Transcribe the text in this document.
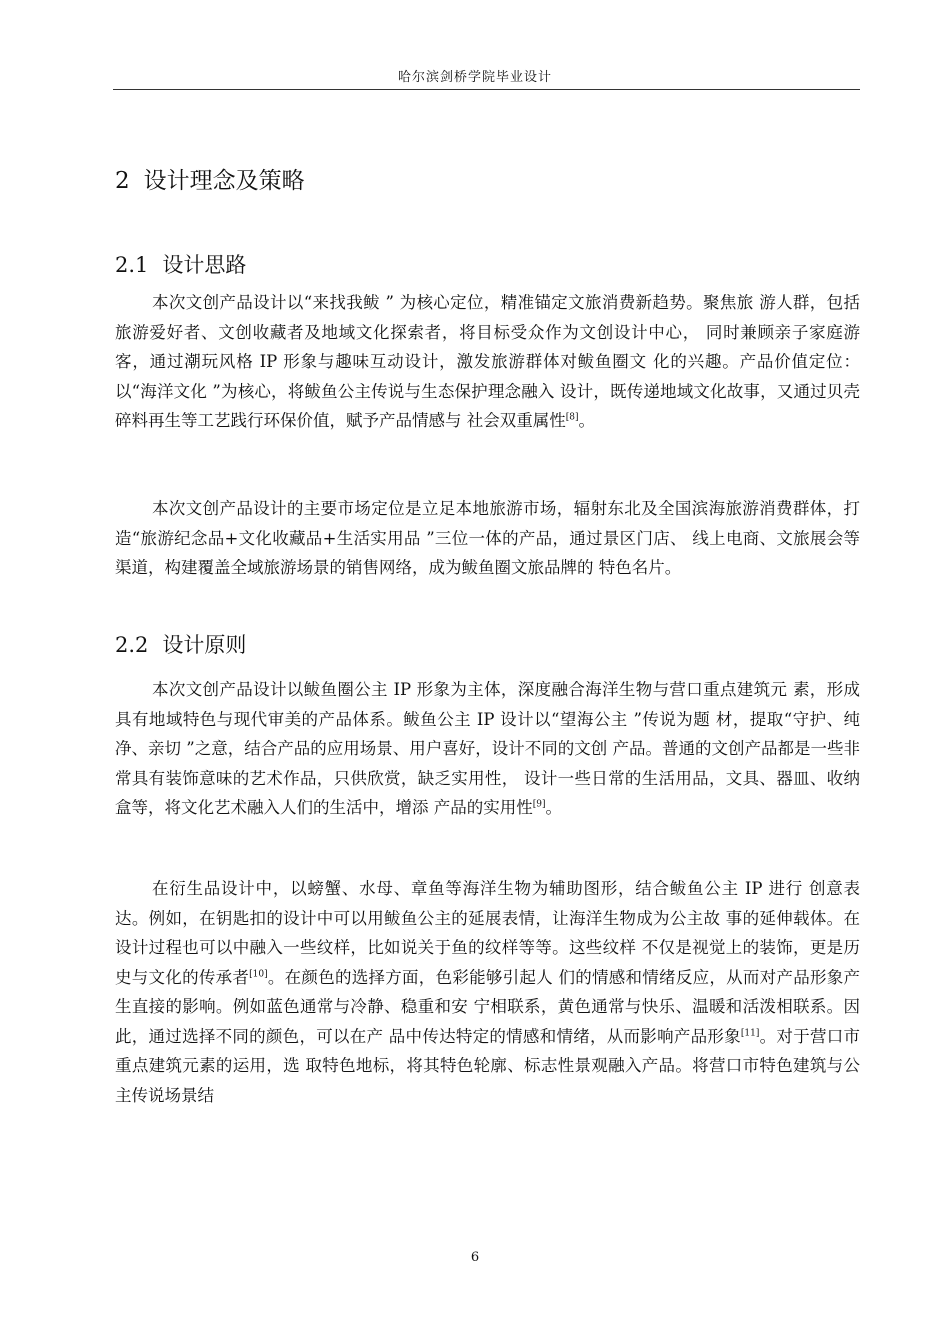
哈尔滨剑桥学院毕业设计
2 设计理念及策略
2.1 设计思路

本次文创产品设计以“来找我鲅 ” 为核心定位，精准锚定文旅消费新趋势。聚焦旅 游人群，包括旅游爱好者、文创收藏者及地域文化探索者，将目标受众作为文创设计中心， 同时兼顾亲子家庭游客，通过潮玩风格 IP 形象与趣味互动设计，激发旅游群体对鲅鱼圈文 化的兴趣。产品价值定位：以“海洋文化 ”为核心，将鲅鱼公主传说与生态保护理念融入 设计，既传递地域文化故事，又通过贝壳碎料再生等工艺践行环保价值，赋予产品情感与 社会双重属性[8]。

本次文创产品设计的主要市场定位是立足本地旅游市场，辐射东北及全国滨海旅游消费群体，打造“旅游纪念品+文化收藏品+生活实用品 ”三位一体的产品，通过景区门店、 线上电商、文旅展会等渠道，构建覆盖全域旅游场景的销售网络，成为鲅鱼圈文旅品牌的 特色名片。

2.2 设计原则

本次文创产品设计以鲅鱼圈公主 IP 形象为主体，深度融合海洋生物与营口重点建筑元 素，形成具有地域特色与现代审美的产品体系。鲅鱼公主 IP 设计以“望海公主 ”传说为题 材，提取“守护、纯净、亲切 ”之意，结合产品的应用场景、用户喜好，设计不同的文创 产品。普通的文创产品都是一些非常具有装饰意味的艺术作品，只供欣赏，缺乏实用性， 设计一些日常的生活用品，文具、器皿、收纳盒等，将文化艺术融入人们的生活中，增添 产品的实用性[9]。

在衍生品设计中，以螃蟹、水母、章鱼等海洋生物为辅助图形，结合鲅鱼公主 IP 进行 创意表达。例如，在钥匙扣的设计中可以用鲅鱼公主的延展表情，让海洋生物成为公主故 事的延伸载体。在设计过程也可以中融入一些纹样，比如说关于鱼的纹样等等。这些纹样 不仅是视觉上的装饰，更是历史与文化的传承者[10]。在颜色的选择方面，色彩能够引起人 们的情感和情绪反应，从而对产品形象产生直接的影响。例如蓝色通常与冷静、稳重和安 宁相联系，黄色通常与快乐、温暖和活泼相联系。因此，通过选择不同的颜色，可以在产 品中传达特定的情感和情绪，从而影响产品形象[11]。对于营口市重点建筑元素的运用，选 取特色地标，将其特色轮廓、标志性景观融入产品。将营口市特色建筑与公主传说场景结

6
